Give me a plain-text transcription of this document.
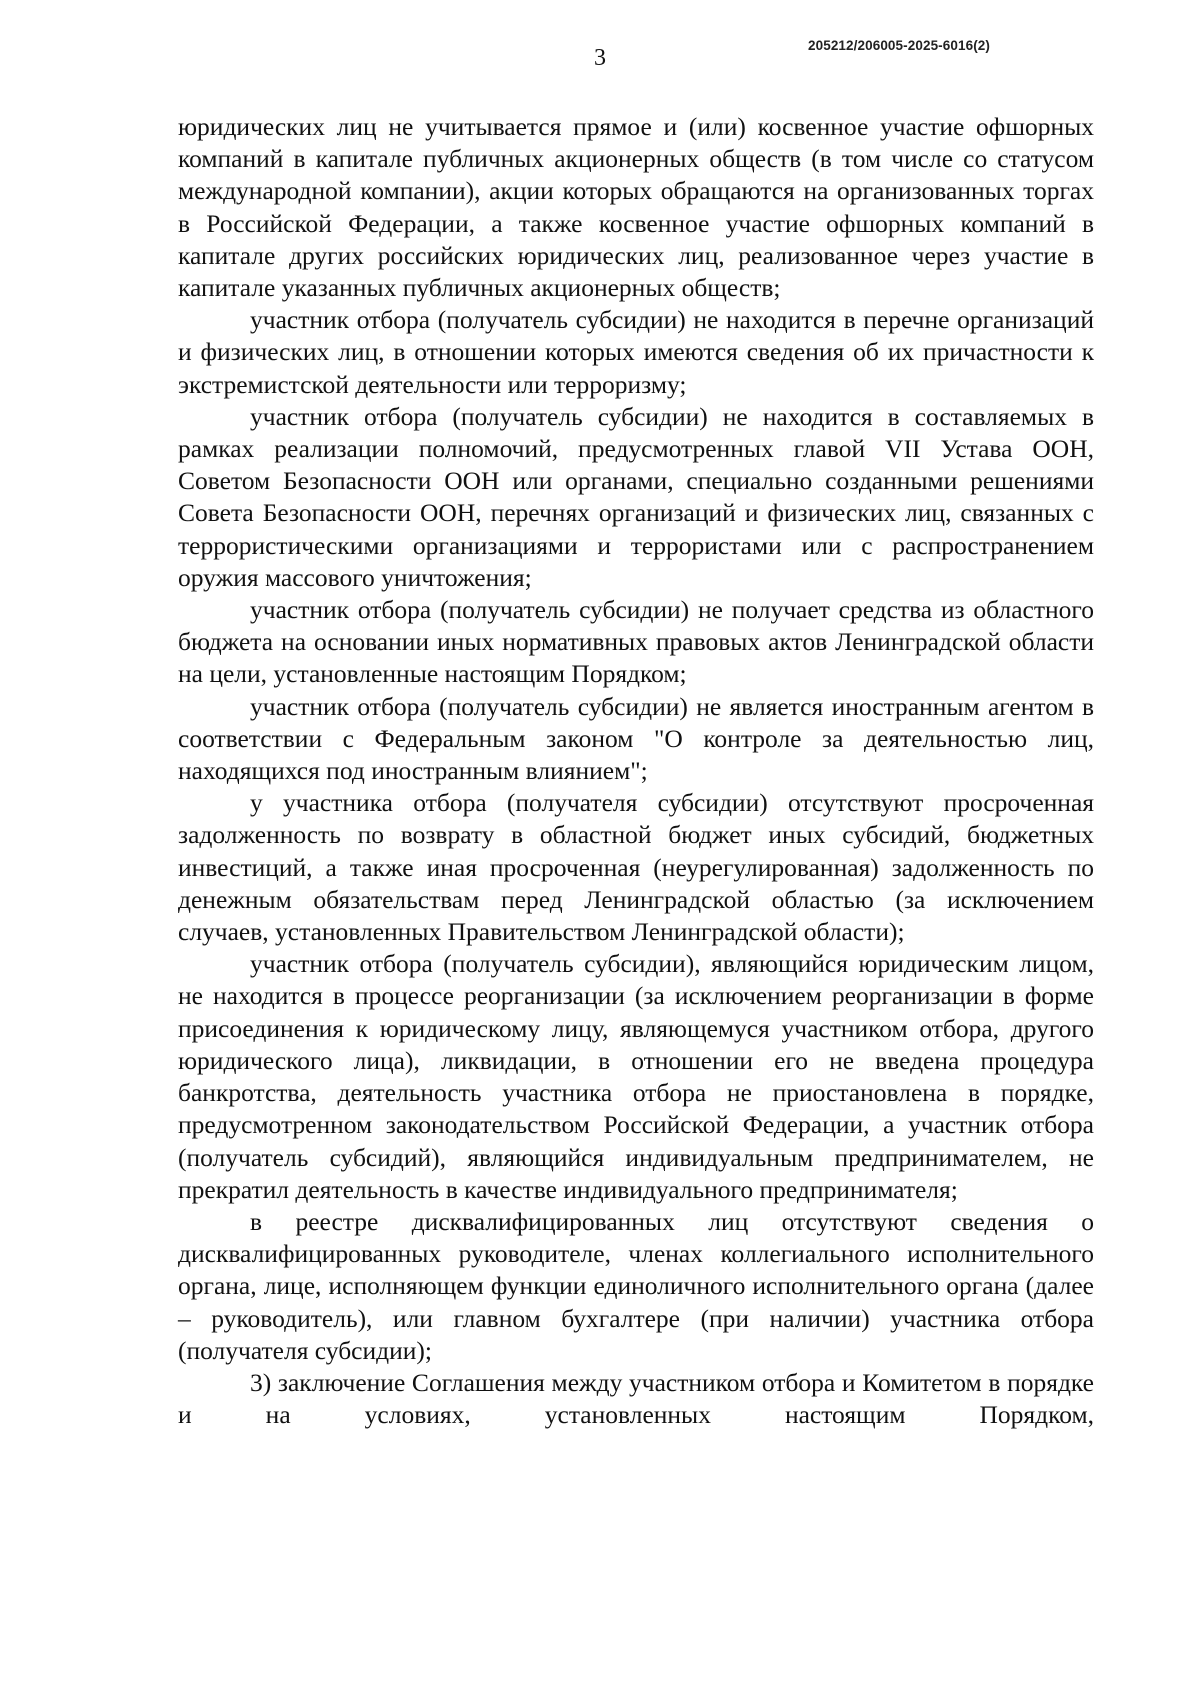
3	205212/206005-2025-6016(2)

юридических лиц не учитывается прямое и (или) косвенное участие офшорных компаний в капитале публичных акционерных обществ (в том числе со статусом международной компании), акции которых обращаются на организованных торгах в Российской Федерации, а также косвенное участие офшорных компаний в капитале других российских юридических лиц, реализованное через участие в капитале указанных публичных акционерных обществ;

участник отбора (получатель субсидии) не находится в перечне организаций и физических лиц, в отношении которых имеются сведения об их причастности к экстремистской деятельности или терроризму;

участник отбора (получатель субсидии) не находится в составляемых в рамках реализации полномочий, предусмотренных главой VII Устава ООН, Советом Безопасности ООН или органами, специально созданными решениями Совета Безопасности ООН, перечнях организаций и физических лиц, связанных с террористическими организациями и террористами или с распространением оружия массового уничтожения;

участник отбора (получатель субсидии) не получает средства из областного бюджета на основании иных нормативных правовых актов Ленинградской области на цели, установленные настоящим Порядком;

участник отбора (получатель субсидии) не является иностранным агентом в соответствии с Федеральным законом "О контроле за деятельностью лиц, находящихся под иностранным влиянием";

у участника отбора (получателя субсидии) отсутствуют просроченная задолженность по возврату в областной бюджет иных субсидий, бюджетных инвестиций, а также иная просроченная (неурегулированная) задолженность по денежным обязательствам перед Ленинградской областью (за исключением случаев, установленных Правительством Ленинградской области);

участник отбора (получатель субсидии), являющийся юридическим лицом, не находится в процессе реорганизации (за исключением реорганизации в форме присоединения к юридическому лицу, являющемуся участником отбора, другого юридического лица), ликвидации, в отношении его не введена процедура банкротства, деятельность участника отбора не приостановлена в порядке, предусмотренном законодательством Российской Федерации, а участник отбора (получатель субсидий), являющийся индивидуальным предпринимателем, не прекратил деятельность в качестве индивидуального предпринимателя;

в реестре дисквалифицированных лиц отсутствуют сведения о дисквалифицированных руководителе, членах коллегиального исполнительного органа, лице, исполняющем функции единоличного исполнительного органа (далее – руководитель), или главном бухгалтере (при наличии) участника отбора (получателя субсидии);

3) заключение Соглашения между участником отбора и Комитетом в порядке и на условиях, установленных настоящим Порядком,
